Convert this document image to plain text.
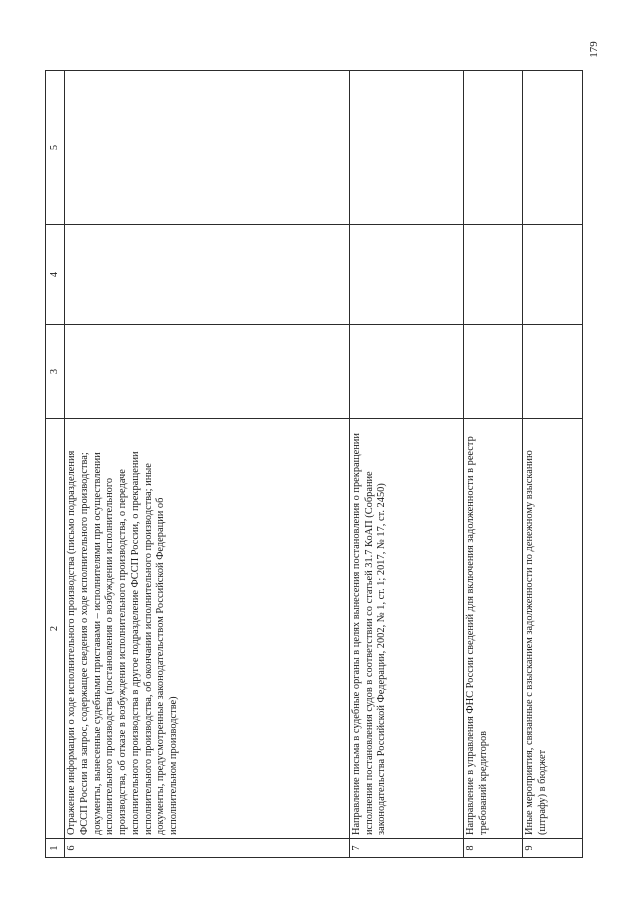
179
1	2	3	4	5
6	Отражение информации о ходе исполнительного производства (письмо подразделения ФССП России на запрос, содержащее сведения о ходе исполнительного производства; документы, вынесенные судебными приставами – исполнителями при осуществлении исполнительного производства (постановления о возбуждении исполнительного производства, об отказе в возбуждении исполнительного производства, о передаче исполнительного производства в другое подразделение ФССП России, о прекращении исполнительного производства, об окончании исполнительного производства; иные документы, предусмотренные законодательством Российской Федерации об исполнительном производстве)			
7	Направление письма в судебные органы в целях вынесения постановления о прекращении исполнения постановления судов в соответствии со статьей 31.7 КоАП (Собрание законодательства Российской Федерации, 2002, № 1, ст. 1; 2017, № 17, ст. 2450)			
8	Направление в управления ФНС России сведений для включения задолженности в реестр требований кредиторов			
9	Иные мероприятия, связанные с взысканием задолженности по денежному взысканию (штрафу) в бюджет			
